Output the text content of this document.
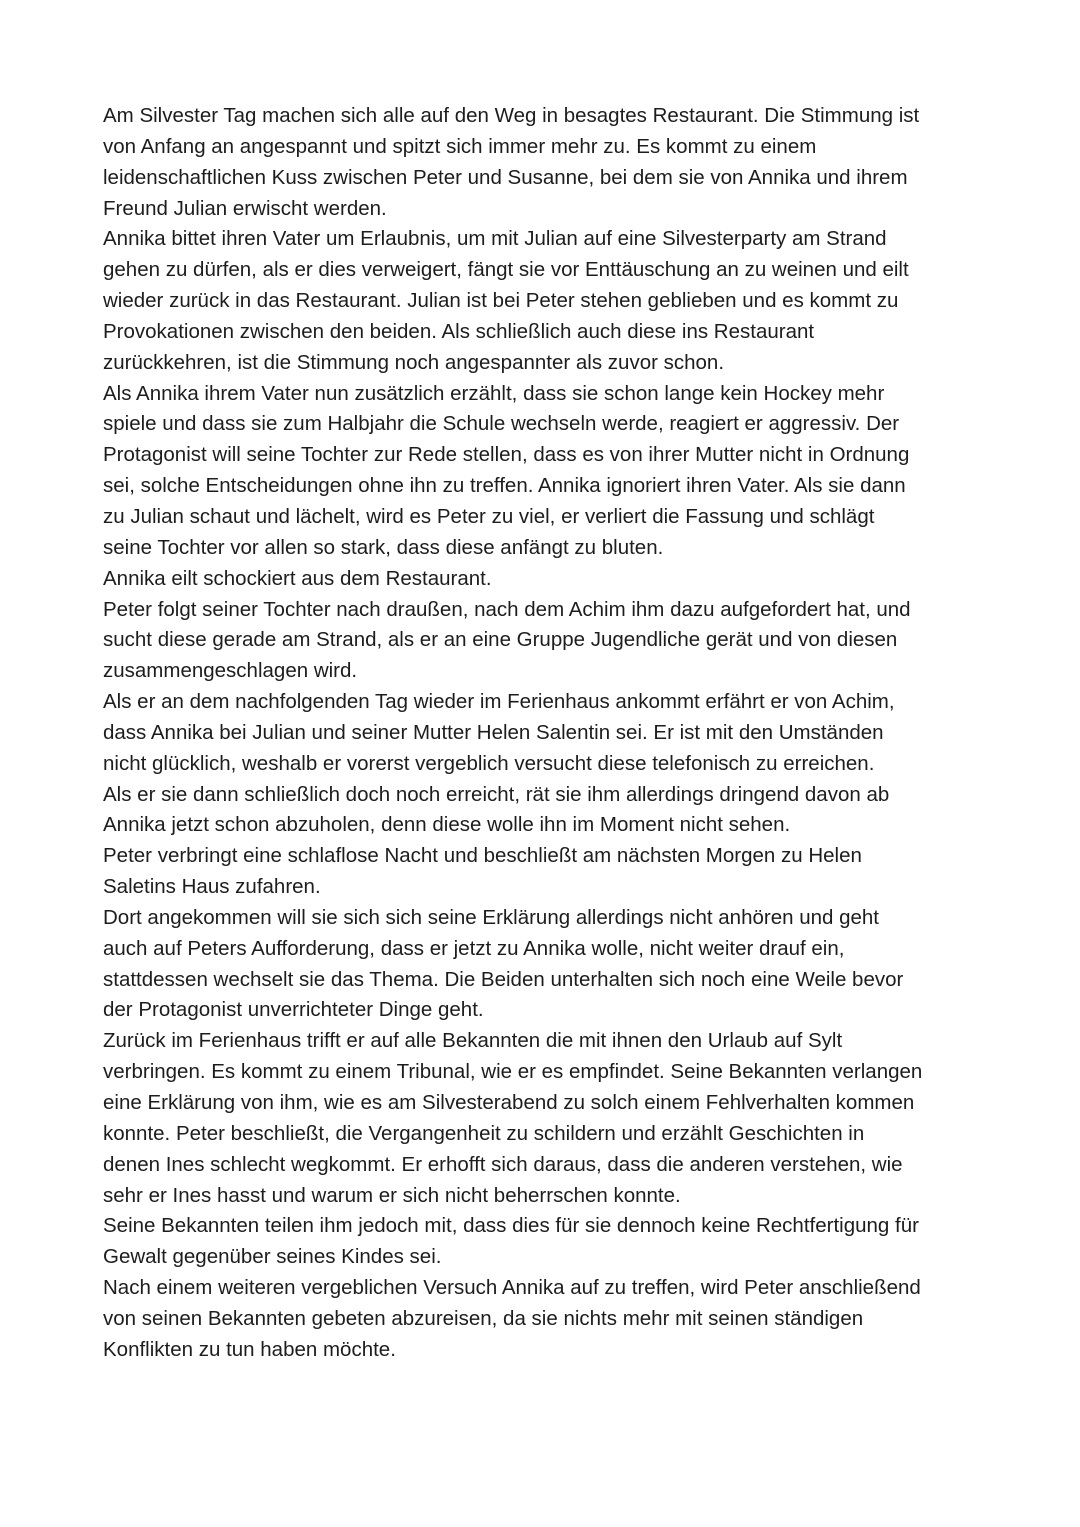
Am Silvester Tag machen sich alle auf den Weg in besagtes Restaurant. Die Stimmung ist
von Anfang an angespannt und spitzt sich immer mehr zu. Es kommt zu einem
leidenschaftlichen Kuss zwischen Peter und Susanne, bei dem sie von Annika und ihrem
Freund Julian erwischt werden.
Annika bittet ihren Vater um Erlaubnis, um mit Julian auf eine Silvesterparty am Strand
gehen zu dürfen, als er dies verweigert, fängt sie vor Enttäuschung an zu weinen und eilt
wieder zurück in das Restaurant. Julian ist bei Peter stehen geblieben und es kommt zu
Provokationen zwischen den beiden. Als schließlich auch diese ins Restaurant
zurückkehren, ist die Stimmung noch angespannter als zuvor schon.
Als Annika ihrem Vater nun zusätzlich erzählt, dass sie schon lange kein Hockey mehr
spiele und dass sie zum Halbjahr die Schule wechseln werde, reagiert er aggressiv. Der
Protagonist will seine Tochter zur Rede stellen, dass es von ihrer Mutter nicht in Ordnung
sei, solche Entscheidungen ohne ihn zu treffen. Annika ignoriert ihren Vater. Als sie dann
zu Julian schaut und lächelt, wird es Peter zu viel, er verliert die Fassung und schlägt
seine Tochter vor allen so stark, dass diese anfängt zu bluten.
Annika eilt schockiert aus dem Restaurant.
Peter folgt seiner Tochter nach draußen, nach dem Achim ihm dazu aufgefordert hat, und
sucht diese gerade am Strand, als er an eine Gruppe Jugendliche gerät und von diesen
zusammengeschlagen wird.
Als er an dem nachfolgenden Tag wieder im Ferienhaus ankommt erfährt er von Achim,
dass Annika bei Julian und seiner Mutter Helen Salentin sei. Er ist mit den Umständen
nicht glücklich, weshalb er vorerst vergeblich versucht diese telefonisch zu erreichen.
Als er sie dann schließlich doch noch erreicht, rät sie ihm allerdings dringend davon ab
Annika jetzt schon abzuholen, denn diese wolle ihn im Moment nicht sehen.
Peter verbringt eine schlaflose Nacht und beschließt am nächsten Morgen zu Helen
Saletins Haus zufahren.
Dort angekommen will sie sich sich seine Erklärung allerdings nicht anhören und geht
auch auf Peters Aufforderung, dass er jetzt zu Annika wolle, nicht weiter drauf ein,
stattdessen wechselt sie das Thema. Die Beiden unterhalten sich noch eine Weile bevor
der Protagonist unverrichteter Dinge geht.
Zurück im Ferienhaus trifft er auf alle Bekannten die mit ihnen den Urlaub auf Sylt
verbringen. Es kommt zu einem Tribunal, wie er es empfindet. Seine Bekannten verlangen
eine Erklärung von ihm, wie es am Silvesterabend zu solch einem Fehlverhalten kommen
konnte. Peter beschließt, die Vergangenheit zu schildern und erzählt Geschichten in
denen Ines schlecht wegkommt. Er erhofft sich daraus, dass die anderen verstehen, wie
sehr er Ines hasst und warum er sich nicht beherrschen konnte.
Seine Bekannten teilen ihm jedoch mit, dass dies für sie dennoch keine Rechtfertigung für
Gewalt gegenüber seines Kindes sei.
Nach einem weiteren vergeblichen Versuch Annika auf zu treffen, wird Peter anschließend
von seinen Bekannten gebeten abzureisen, da sie nichts mehr mit seinen ständigen
Konflikten zu tun haben möchte.
